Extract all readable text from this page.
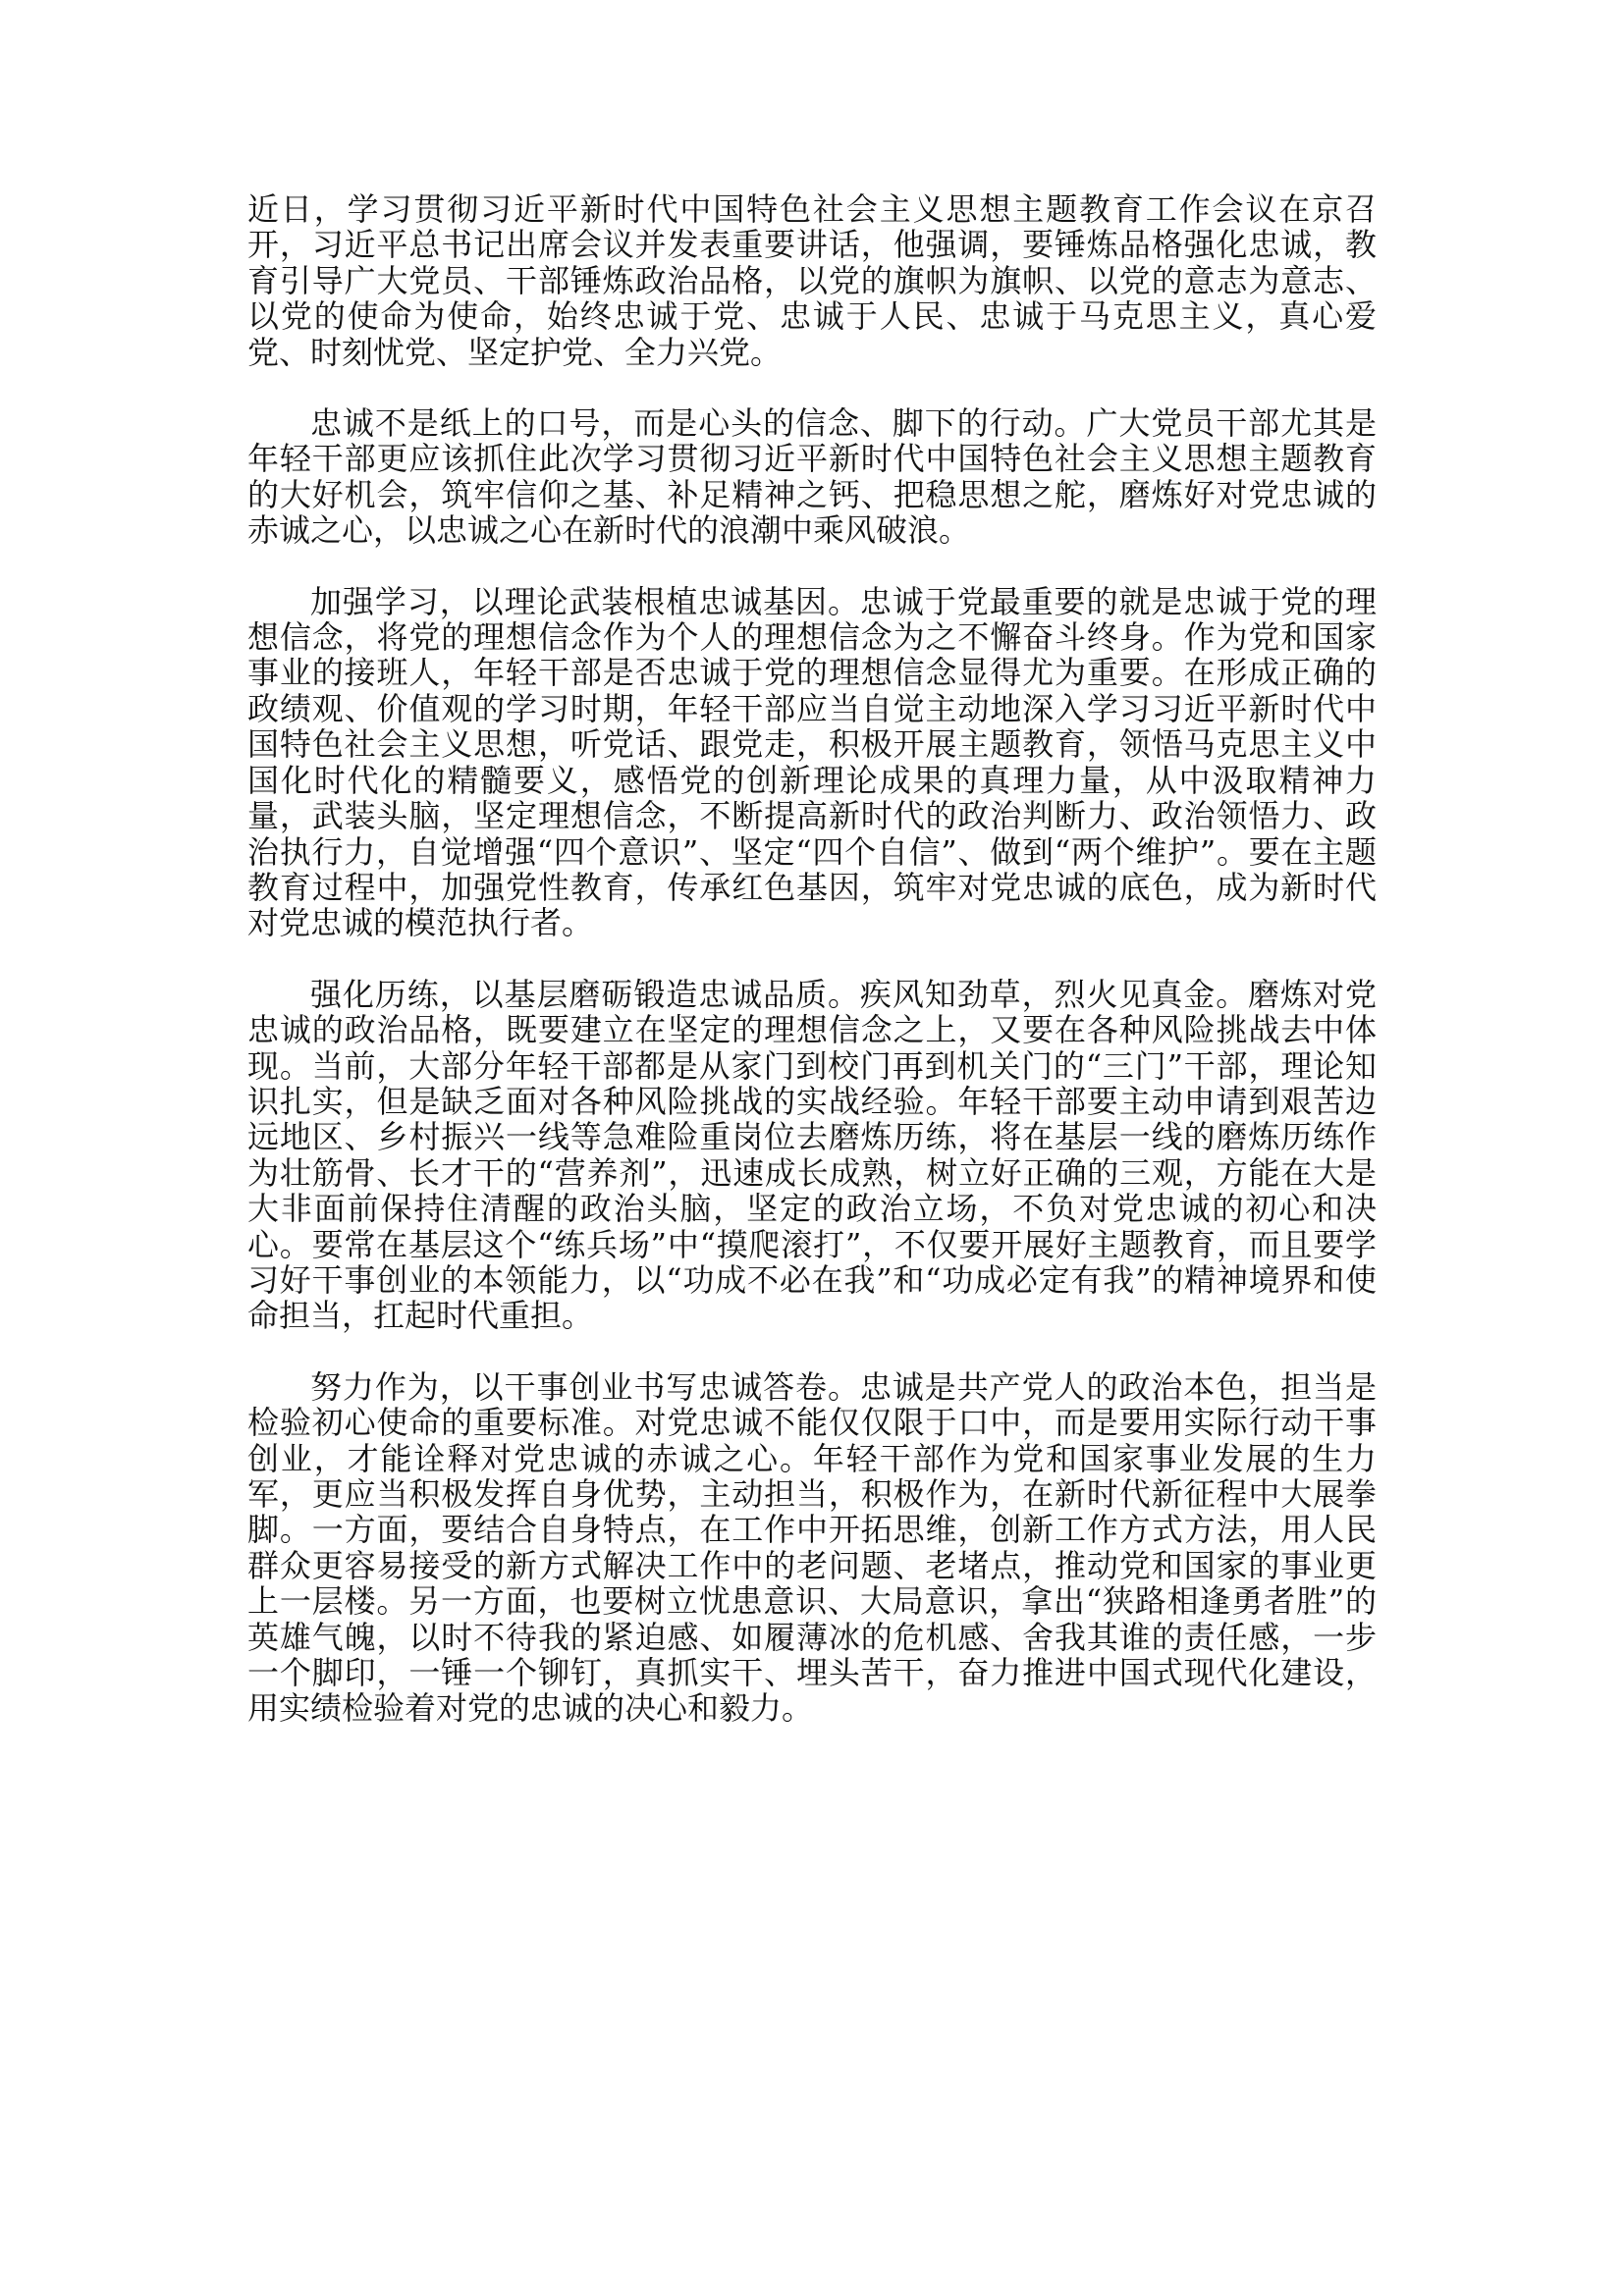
近日，学习贯彻习近平新时代中国特色社会主义思想主题教育工作会议在京召开，习近平总书记出席会议并发表重要讲话，他强调，要锤炼品格强化忠诚，教育引导广大党员、干部锤炼政治品格，以党的旗帜为旗帜、以党的意志为意志、以党的使命为使命，始终忠诚于党、忠诚于人民、忠诚于马克思主义，真心爱党、时刻忧党、坚定护党、全力兴党。

忠诚不是纸上的口号，而是心头的信念、脚下的行动。广大党员干部尤其是年轻干部更应该抓住此次学习贯彻习近平新时代中国特色社会主义思想主题教育的大好机会，筑牢信仰之基、补足精神之钙、把稳思想之舵，磨炼好对党忠诚的赤诚之心，以忠诚之心在新时代的浪潮中乘风破浪。

加强学习，以理论武装根植忠诚基因。忠诚于党最重要的就是忠诚于党的理想信念，将党的理想信念作为个人的理想信念为之不懈奋斗终身。作为党和国家事业的接班人，年轻干部是否忠诚于党的理想信念显得尤为重要。在形成正确的政绩观、价值观的学习时期，年轻干部应当自觉主动地深入学习习近平新时代中国特色社会主义思想，听党话、跟党走，积极开展主题教育，领悟马克思主义中国化时代化的精髓要义，感悟党的创新理论成果的真理力量，从中汲取精神力量，武装头脑，坚定理想信念，不断提高新时代的政治判断力、政治领悟力、政治执行力，自觉增强“四个意识”、坚定“四个自信”、做到“两个维护”。要在主题教育过程中，加强党性教育，传承红色基因，筑牢对党忠诚的底色，成为新时代对党忠诚的模范执行者。

强化历练，以基层磨砺锻造忠诚品质。疾风知劲草，烈火见真金。磨炼对党忠诚的政治品格，既要建立在坚定的理想信念之上，又要在各种风险挑战去中体现。当前，大部分年轻干部都是从家门到校门再到机关门的“三门”干部，理论知识扎实，但是缺乏面对各种风险挑战的实战经验。年轻干部要主动申请到艰苦边远地区、乡村振兴一线等急难险重岗位去磨炼历练，将在基层一线的磨炼历练作为壮筋骨、长才干的“营养剂”，迅速成长成熟，树立好正确的三观，方能在大是大非面前保持住清醒的政治头脑，坚定的政治立场，不负对党忠诚的初心和决心。要常在基层这个“练兵场”中“摸爬滚打”，不仅要开展好主题教育，而且要学习好干事创业的本领能力，以“功成不必在我”和“功成必定有我”的精神境界和使命担当，扛起时代重担。

努力作为，以干事创业书写忠诚答卷。忠诚是共产党人的政治本色，担当是检验初心使命的重要标准。对党忠诚不能仅仅限于口中，而是要用实际行动干事创业，才能诠释对党忠诚的赤诚之心。年轻干部作为党和国家事业发展的生力军，更应当积极发挥自身优势，主动担当，积极作为，在新时代新征程中大展拳脚。一方面，要结合自身特点，在工作中开拓思维，创新工作方式方法，用人民群众更容易接受的新方式解决工作中的老问题、老堵点，推动党和国家的事业更上一层楼。另一方面，也要树立忧患意识、大局意识，拿出“狭路相逢勇者胜”的英雄气魄，以时不待我的紧迫感、如履薄冰的危机感、舍我其谁的责任感，一步一个脚印，一锤一个铆钉，真抓实干、埋头苦干，奋力推进中国式现代化建设，用实绩检验着对党的忠诚的决心和毅力。
